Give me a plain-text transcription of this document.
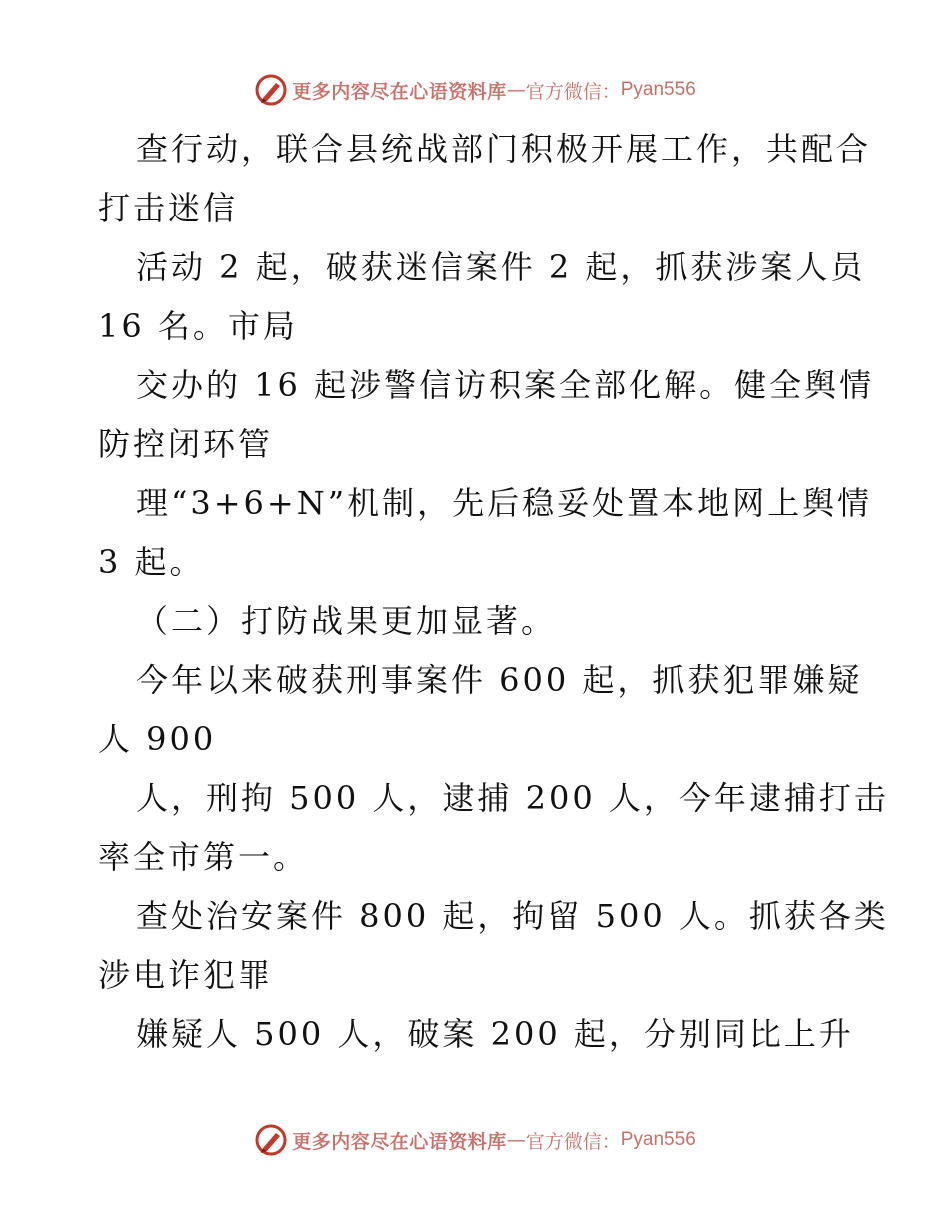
更多内容尽在心语资料库 — 官方微信： Pyan556
查行动，联合县统战部门积极开展工作，共配合
打击迷信
活动 2 起，破获迷信案件 2 起，抓获涉案人员
16 名。市局
交办的 16 起涉警信访积案全部化解。健全舆情
防控闭环管
理“3+6+N”机制，先后稳妥处置本地网上舆情
3 起。
（二）打防战果更加显著。
今年以来破获刑事案件 600 起，抓获犯罪嫌疑
人 900
人，刑拘 500 人，逮捕 200 人，今年逮捕打击
率全市第一。
查处治安案件 800 起，拘留 500 人。抓获各类
涉电诈犯罪
嫌疑人 500 人，破案 200 起，分别同比上升
更多内容尽在心语资料库 — 官方微信： Pyan556
